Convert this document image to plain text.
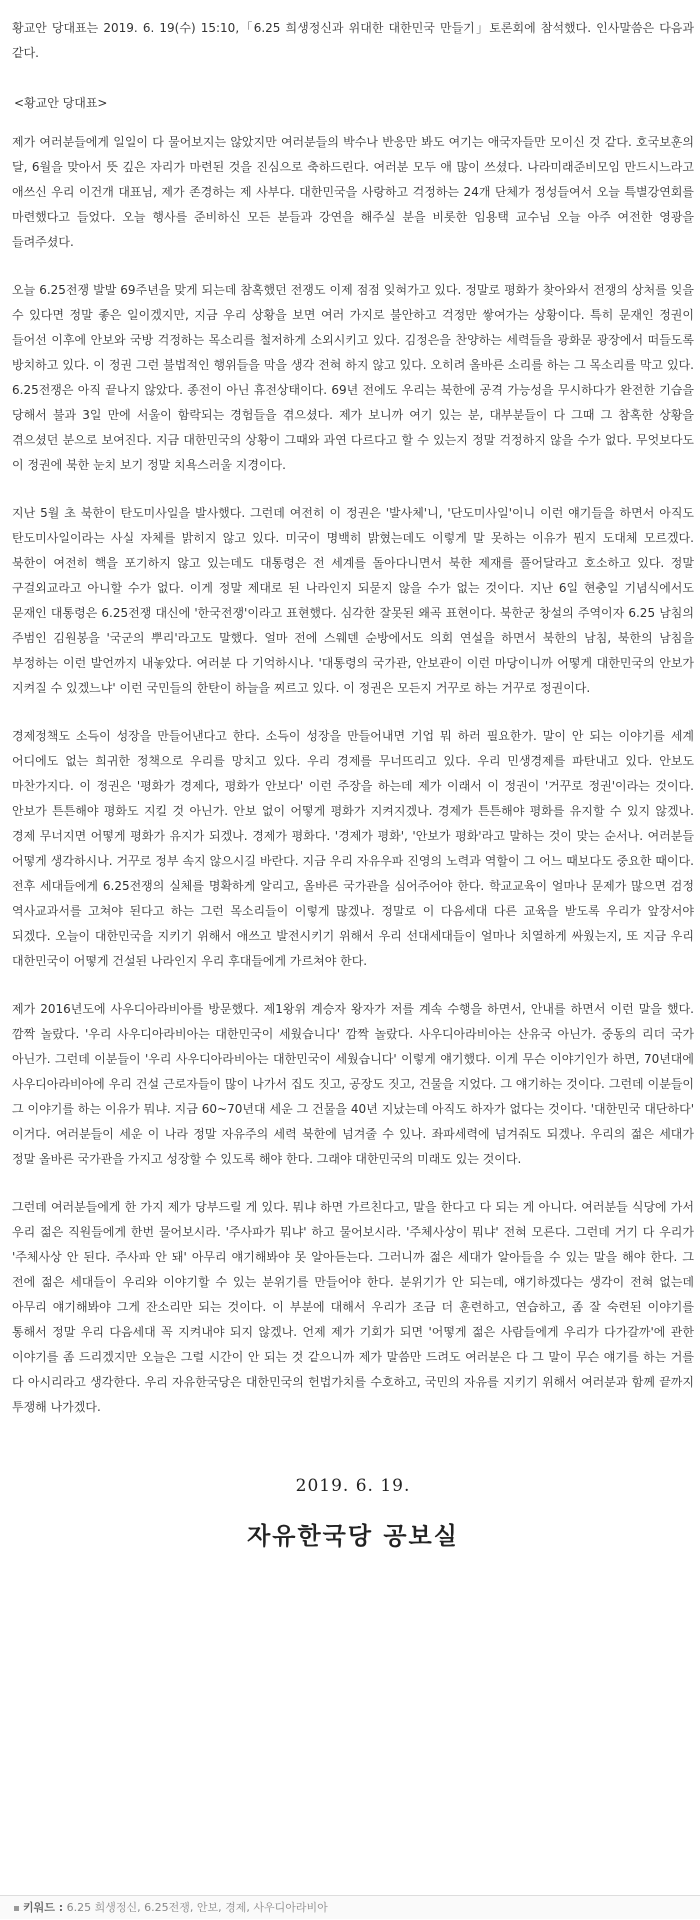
황교안 당대표는 2019. 6. 19(수) 15:10,「6.25 희생정신과 위대한 대한민국 만들기」토론회에 참석했다. 인사말씀은 다음과 같다.

<황교안 당대표>

제가 여러분들에게 일일이 다 물어보지는 않았지만 여러분들의 박수나 반응만 봐도 여기는 애국자들만 모이신 것 같다. 호국보훈의 달, 6월을 맞아서 뜻 깊은 자리가 마련된 것을 진심으로 축하드린다. 여러분 모두 애 많이 쓰셨다. 나라미래준비모임 만드시느라고 애쓰신 우리 이건개 대표님, 제가 존경하는 제 사부다. 대한민국을 사랑하고 걱정하는 24개 단체가 정성들여서 오늘 특별강연회를 마련했다고 들었다. 오늘 행사를 준비하신 모든 분들과 강연을 해주실 분을 비롯한 임용택 교수님 오늘 아주 여전한 영광을 들려주셨다.

오늘 6.25전쟁 발발 69주년을 맞게 되는데 참혹했던 전쟁도 이제 점점 잊혀가고 있다. 정말로 평화가 찾아와서 전쟁의 상처를 잊을 수 있다면 정말 좋은 일이겠지만, 지금 우리 상황을 보면 여러 가지로 불안하고 걱정만 쌓여가는 상황이다. 특히 문재인 정권이 들어선 이후에 안보와 국방 걱정하는 목소리를 철저하게 소외시키고 있다. 김정은을 찬양하는 세력들을 광화문 광장에서 떠들도록 방치하고 있다. 이 정권 그런 불법적인 행위들을 막을 생각 전혀 하지 않고 있다. 오히려 올바른 소리를 하는 그 목소리를 막고 있다. 6.25전쟁은 아직 끝나지 않았다. 종전이 아닌 휴전상태이다. 69년 전에도 우리는 북한에 공격 가능성을 무시하다가 완전한 기습을 당해서 불과 3일 만에 서울이 함락되는 경험들을 겪으셨다. 제가 보니까 여기 있는 분, 대부분들이 다 그때 그 참혹한 상황을 겪으셨던 분으로 보여진다. 지금 대한민국의 상황이 그때와 과연 다르다고 할 수 있는지 정말 걱정하지 않을 수가 없다. 무엇보다도 이 정권에 북한 눈치 보기 정말 치욕스러울 지경이다.

지난 5월 초 북한이 탄도미사일을 발사했다. 그런데 여전히 이 정권은 '발사체'니, '단도미사일'이니 이런 얘기들을 하면서 아직도 탄도미사일이라는 사실 자체를 밝히지 않고 있다. 미국이 명백히 밝혔는데도 이렇게 말 못하는 이유가 뭔지 도대체 모르겠다. 북한이 여전히 핵을 포기하지 않고 있는데도 대통령은 전 세계를 돌아다니면서 북한 제재를 풀어달라고 호소하고 있다. 정말 구걸외교라고 아니할 수가 없다. 이게 정말 제대로 된 나라인지 되묻지 않을 수가 없는 것이다. 지난 6일 현충일 기념식에서도 문재인 대통령은 6.25전쟁 대신에 '한국전쟁'이라고 표현했다. 심각한 잘못된 왜곡 표현이다. 북한군 창설의 주역이자 6.25 남침의 주범인 김원봉을 '국군의 뿌리'라고도 말했다. 얼마 전에 스웨덴 순방에서도 의회 연설을 하면서 북한의 남침, 북한의 남침을 부정하는 이런 발언까지 내놓았다. 여러분 다 기억하시나. '대통령의 국가관, 안보관이 이런 마당이니까 어떻게 대한민국의 안보가 지켜질 수 있겠느냐' 이런 국민들의 한탄이 하늘을 찌르고 있다. 이 정권은 모든지 거꾸로 하는 거꾸로 정권이다.

경제정책도 소득이 성장을 만들어낸다고 한다. 소득이 성장을 만들어내면 기업 뭐 하러 필요한가. 말이 안 되는 이야기를 세계 어디에도 없는 희귀한 정책으로 우리를 망치고 있다. 우리 경제를 무너뜨리고 있다. 우리 민생경제를 파탄내고 있다. 안보도 마찬가지다. 이 정권은 '평화가 경제다, 평화가 안보다' 이런 주장을 하는데 제가 이래서 이 정권이 '거꾸로 정권'이라는 것이다. 안보가 튼튼해야 평화도 지킬 것 아닌가. 안보 없이 어떻게 평화가 지켜지겠나. 경제가 튼튼해야 평화를 유지할 수 있지 않겠나. 경제 무너지면 어떻게 평화가 유지가 되겠나. 경제가 평화다. '경제가 평화', '안보가 평화'라고 말하는 것이 맞는 순서나. 여러분들 어떻게 생각하시나. 거꾸로 정부 속지 않으시길 바란다. 지금 우리 자유우파 진영의 노력과 역할이 그 어느 때보다도 중요한 때이다. 전후 세대들에게 6.25전쟁의 실체를 명확하게 알리고, 올바른 국가관을 심어주어야 한다. 학교교육이 얼마나 문제가 많으면 검정 역사교과서를 고쳐야 된다고 하는 그런 목소리들이 이렇게 많겠나. 정말로 이 다음세대 다른 교육을 받도록 우리가 앞장서야 되겠다. 오늘이 대한민국을 지키기 위해서 애쓰고 발전시키기 위해서 우리 선대세대들이 얼마나 치열하게 싸웠는지, 또 지금 우리 대한민국이 어떻게 건설된 나라인지 우리 후대들에게 가르쳐야 한다.

제가 2016년도에 사우디아라비아를 방문했다. 제1왕위 계승자 왕자가 저를 계속 수행을 하면서, 안내를 하면서 이런 말을 했다. 깜짝 놀랐다. '우리 사우디아라비아는 대한민국이 세웠습니다' 깜짝 놀랐다. 사우디아라비아는 산유국 아닌가. 중동의 리더 국가 아닌가. 그런데 이분들이 '우리 사우디아라비아는 대한민국이 세웠습니다' 이렇게 얘기했다. 이게 무슨 이야기인가 하면, 70년대에 사우디아라비아에 우리 건설 근로자들이 많이 나가서 집도 짓고, 공장도 짓고, 건물을 지었다. 그 얘기하는 것이다. 그런데 이분들이 그 이야기를 하는 이유가 뭐냐. 지금 60~70년대 세운 그 건물을 40년 지났는데 아직도 하자가 없다는 것이다. '대한민국 대단하다' 이거다. 여러분들이 세운 이 나라 정말 자유주의 세력 북한에 넘겨줄 수 있나. 좌파세력에 넘겨줘도 되겠나. 우리의 젊은 세대가 정말 올바른 국가관을 가지고 성장할 수 있도록 해야 한다. 그래야 대한민국의 미래도 있는 것이다.

그런데 여러분들에게 한 가지 제가 당부드릴 게 있다. 뭐냐 하면 가르친다고, 말을 한다고 다 되는 게 아니다. 여러분들 식당에 가서 우리 젊은 직원들에게 한번 물어보시라. '주사파가 뭐냐' 하고 물어보시라. '주체사상이 뭐냐' 전혀 모른다. 그런데 거기 다 우리가 '주체사상 안 된다. 주사파 안 돼' 아무리 얘기해봐야 못 알아듣는다. 그러니까 젊은 세대가 알아들을 수 있는 말을 해야 한다. 그 전에 젊은 세대들이 우리와 이야기할 수 있는 분위기를 만들어야 한다. 분위기가 안 되는데, 얘기하겠다는 생각이 전혀 없는데 아무리 얘기해봐야 그게 잔소리만 되는 것이다. 이 부분에 대해서 우리가 조금 더 훈련하고, 연습하고, 좀 잘 숙련된 이야기를 통해서 정말 우리 다음세대 꼭 지켜내야 되지 않겠나. 언제 제가 기회가 되면 '어떻게 젊은 사람들에게 우리가 다가갈까'에 관한 이야기를 좀 드리겠지만 오늘은 그럴 시간이 안 되는 것 같으니까 제가 말씀만 드려도 여러분은 다 그 말이 무슨 얘기를 하는 거를 다 아시리라고 생각한다. 우리 자유한국당은 대한민국의 헌법가치를 수호하고, 국민의 자유를 지키기 위해서 여러분과 함께 끝까지 투쟁해 나가겠다.

2019. 6. 19.
자유한국당 공보실
키워드 : 6.25 희생정신, 6.25전쟁, 안보, 경제, 사우디아라비아
